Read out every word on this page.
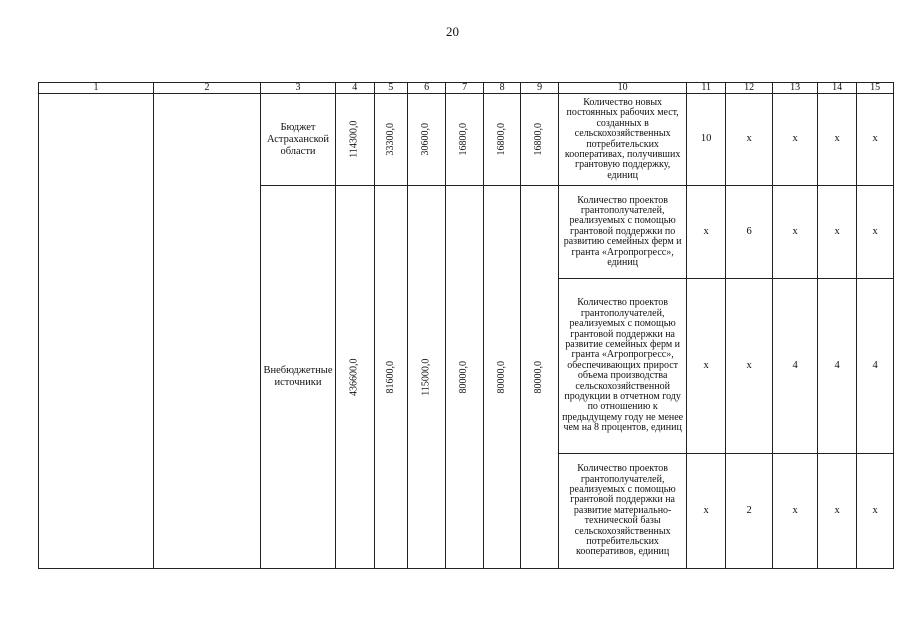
20
1	2	3	4	5	6	7	8	9	10	11	12	13	14	15
		Бюджет Астраханской области	114300,0	33300,0	30600,0	16800,0	16800,0	16800,0	Количество новых постоянных рабочих мест, созданных в сельскохозяйственных потребительских кооперативах, получивших грантовую поддержку, единиц	10	x	x	x	x
		Внебюджетные источники	436600,0	81600,0	115000,0	80000,0	80000,0	80000,0	Количество проектов грантополучателей, реализуемых с помощью грантовой поддержки по развитию семейных ферм и гранта «Агропрогресс», единиц	x	6	x	x	x
									Количество проектов грантополучателей, реализуемых с помощью грантовой поддержки на развитие семейных ферм и гранта «Агропрогресс», обеспечивающих прирост объема производства сельскохозяйственной продукции в отчетном году по отношению к предыдущему году не менее чем на 8 процентов, единиц	x	x	4	4	4
									Количество проектов грантополучателей, реализуемых с помощью грантовой поддержки на развитие материально-технической базы сельскохозяйственных потребительских кооперативов, единиц	x	2	x	x	x
